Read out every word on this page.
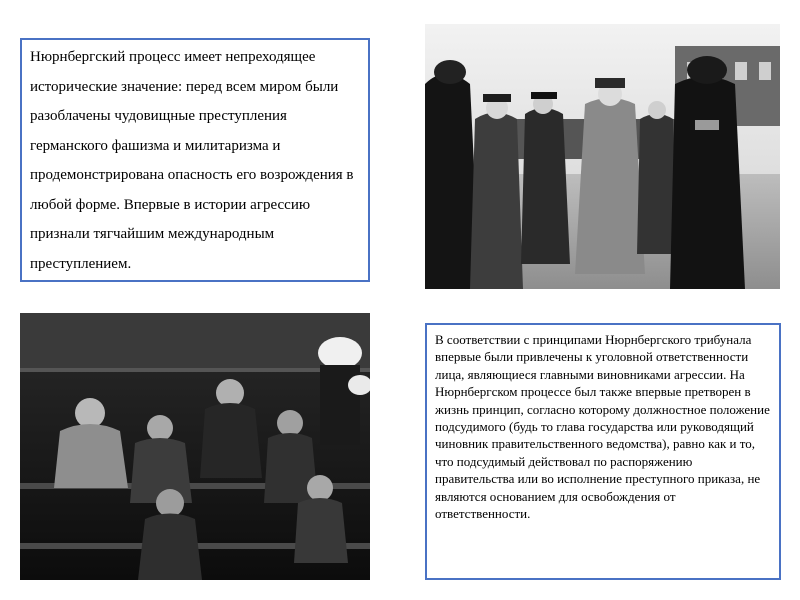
Нюрнбергский процесс имеет непреходящее исторические значение: перед всем миром были разоблачены чудовищные преступления германского фашизма и милитаризма и продемонстрирована опасность его возрождения в любой форме. Впервые в истории агрессию признали тягчайшим международным преступлением.

В соответствии с принципами Нюрнбергского трибунала впервые были привлечены к уголовной ответственности лица, являющиеся главными виновниками агрессии. На Нюрнбергском процессе был также впервые претворен в жизнь принцип, согласно которому должностное положение подсудимого (будь то глава государства или руководящий чиновник правительственного ведомства), равно как и то, что подсудимый действовал по распоряжению правительства или во исполнение преступного приказа, не являются основанием для освобождения от ответственности.
